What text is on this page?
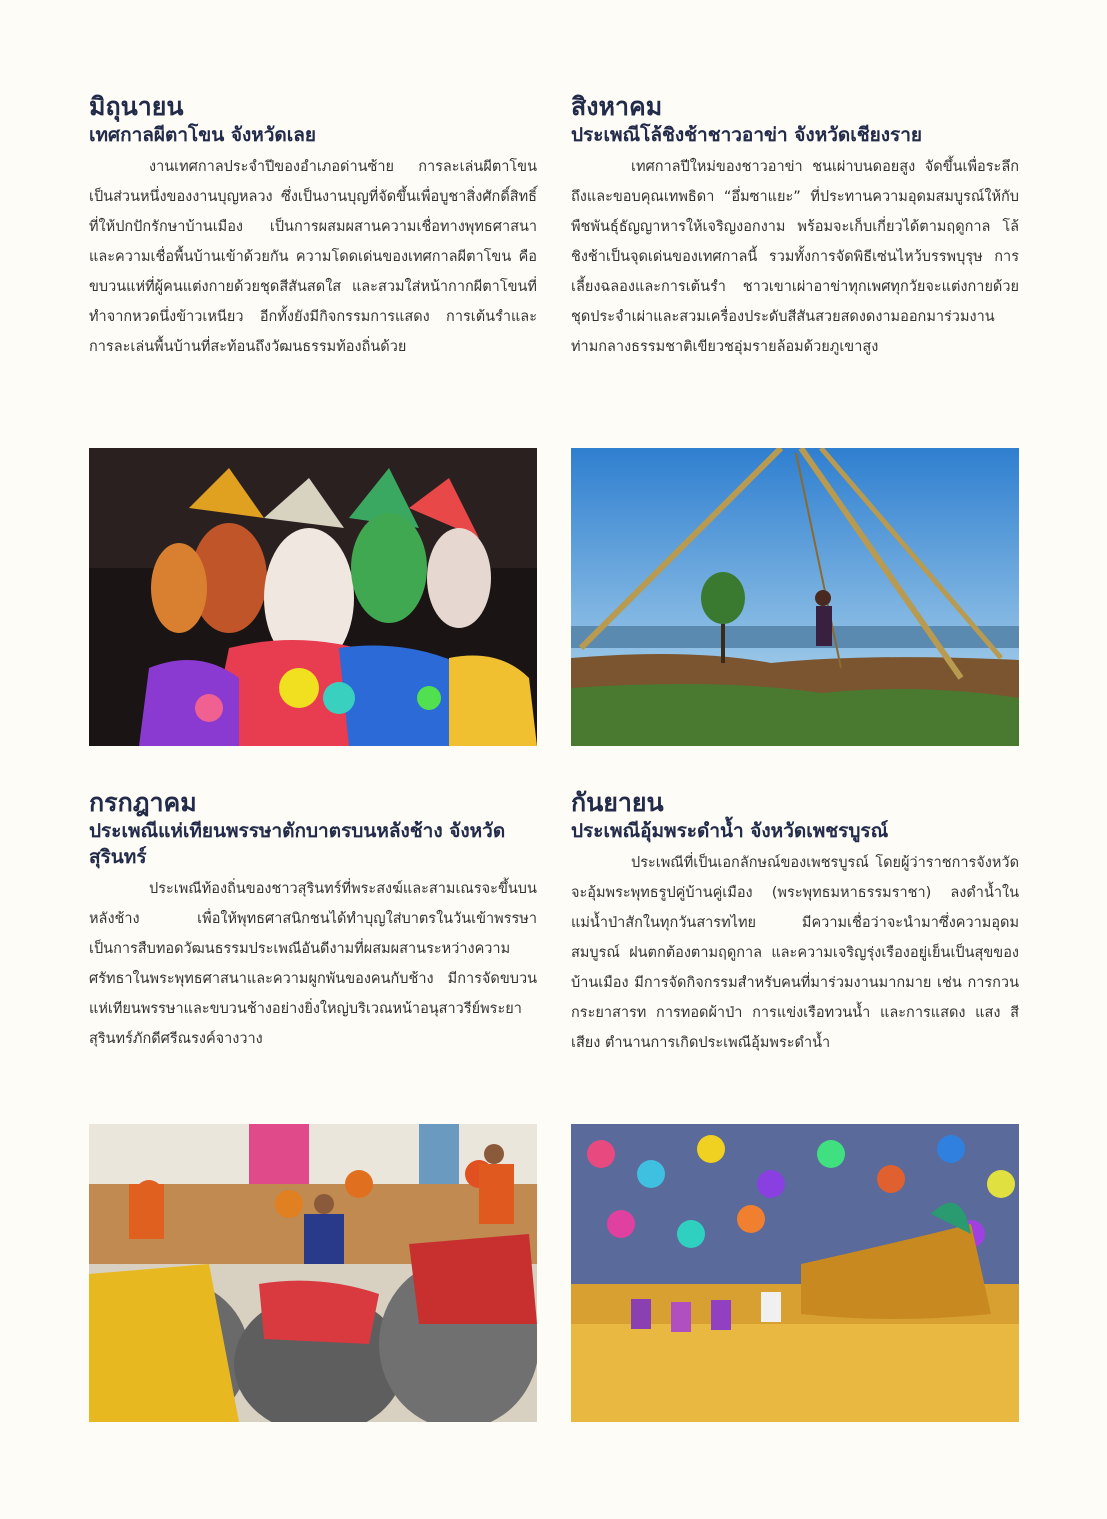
มิถุนายน
เทศกาลผีตาโขน จังหวัดเลย

งานเทศกาลประจำปีของอำเภอด่านซ้าย การละเล่นผีตาโขนเป็นส่วนหนึ่งของงานบุญหลวง ซึ่งเป็นงานบุญที่จัดขึ้นเพื่อบูชาสิ่งศักดิ์สิทธิ์ที่ให้ปกปักรักษาบ้านเมือง เป็นการผสมผสานความเชื่อทางพุทธศาสนาและความเชื่อพื้นบ้านเข้าด้วยกัน ความโดดเด่นของเทศกาลผีตาโขน คือ ขบวนแห่ที่ผู้คนแต่งกายด้วยชุดสีสันสดใส และสวมใส่หน้ากากผีตาโขนที่ทำจากหวดนึ่งข้าวเหนียว อีกทั้งยังมีกิจกรรมการแสดง การเต้นรำและการละเล่นพื้นบ้านที่สะท้อนถึงวัฒนธรรมท้องถิ่นด้วย

สิงหาคม
ประเพณีโล้ชิงช้าชาวอาข่า จังหวัดเชียงราย

เทศกาลปีใหม่ของชาวอาข่า ชนเผ่าบนดอยสูง จัดขึ้นเพื่อระลึกถึงและขอบคุณเทพธิดา “อึ่มซาแยะ” ที่ประทานความอุดมสมบูรณ์ให้กับพืชพันธุ์ธัญญาหารให้เจริญงอกงาม พร้อมจะเก็บเกี่ยวได้ตามฤดูกาล โล้ชิงช้าเป็นจุดเด่นของเทศกาลนี้ รวมทั้งการจัดพิธีเซ่นไหว้บรรพบุรุษ การเลี้ยงฉลองและการเต้นรำ ชาวเขาเผ่าอาข่าทุกเพศทุกวัยจะแต่งกายด้วยชุดประจำเผ่าและสวมเครื่องประดับสีสันสวยสดงดงามออกมาร่วมงาน ท่ามกลางธรรมชาติเขียวชอุ่มรายล้อมด้วยภูเขาสูง

กรกฎาคม
ประเพณีแห่เทียนพรรษาตักบาตรบนหลังช้าง จังหวัดสุรินทร์

ประเพณีท้องถิ่นของชาวสุรินทร์ที่พระสงฆ์และสามเณรจะขึ้นบนหลังช้าง เพื่อให้พุทธศาสนิกชนได้ทำบุญใส่บาตรในวันเข้าพรรษา เป็นการสืบทอดวัฒนธรรมประเพณีอันดีงามที่ผสมผสานระหว่างความศรัทธาในพระพุทธศาสนาและความผูกพันของคนกับช้าง มีการจัดขบวนแห่เทียนพรรษาและขบวนช้างอย่างยิ่งใหญ่บริเวณหน้าอนุสาวรีย์พระยาสุรินทร์ภักดีศรีณรงค์จางวาง

กันยายน
ประเพณีอุ้มพระดำน้ำ จังหวัดเพชรบูรณ์

ประเพณีที่เป็นเอกลักษณ์ของเพชรบูรณ์ โดยผู้ว่าราชการจังหวัดจะอุ้มพระพุทธรูปคู่บ้านคู่เมือง (พระพุทธมหาธรรมราชา) ลงดำน้ำในแม่น้ำป่าสักในทุกวันสารทไทย มีความเชื่อว่าจะนำมาซึ่งความอุดมสมบูรณ์ ฝนตกต้องตามฤดูกาล และความเจริญรุ่งเรืองอยู่เย็นเป็นสุขของบ้านเมือง มีการจัดกิจกรรมสำหรับคนที่มาร่วมงานมากมาย เช่น การกวนกระยาสารท การทอดผ้าป่า การแข่งเรือทวนน้ำ และการแสดง แสง สี เสียง ตำนานการเกิดประเพณีอุ้มพระดำน้ำ
